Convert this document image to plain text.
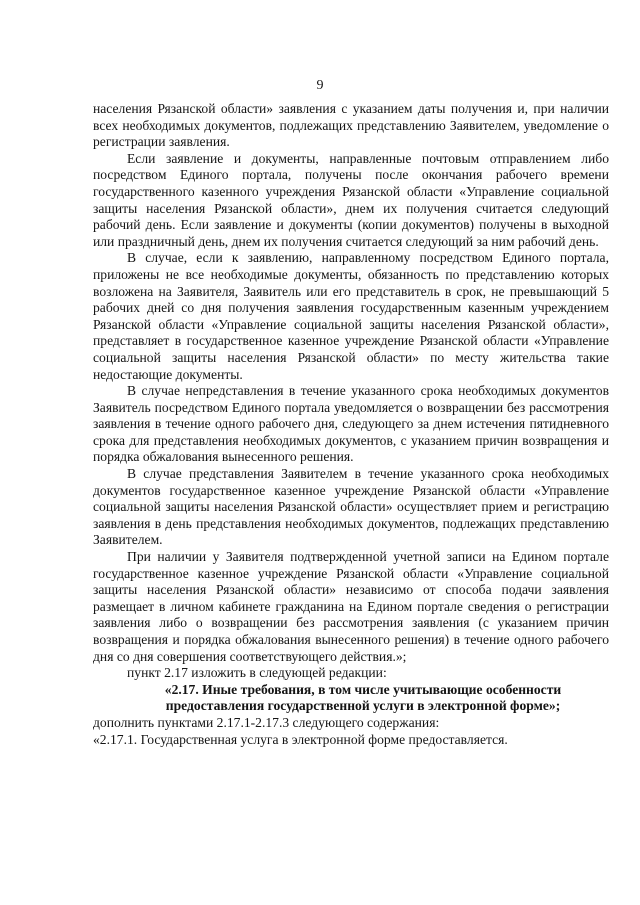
9

населения Рязанской области» заявления с указанием даты получения и, при наличии всех необходимых документов, подлежащих представлению Заявителем, уведомление о регистрации заявления.

Если заявление и документы, направленные почтовым отправлением либо посредством Единого портала, получены после окончания рабочего времени государственного казенного учреждения Рязанской области «Управление социальной защиты населения Рязанской области», днем их получения считается следующий рабочий день. Если заявление и документы (копии документов) получены в выходной или праздничный день, днем их получения считается следующий за ним рабочий день.

В случае, если к заявлению, направленному посредством Единого портала, приложены не все необходимые документы, обязанность по представлению которых возложена на Заявителя, Заявитель или его представитель в срок, не превышающий 5 рабочих дней со дня получения заявления государственным казенным учреждением Рязанской области «Управление социальной защиты населения Рязанской области», представляет в государственное казенное учреждение Рязанской области «Управление социальной защиты населения Рязанской области» по месту жительства такие недостающие документы.

В случае непредставления в течение указанного срока необходимых документов Заявитель посредством Единого портала уведомляется о возвращении без рассмотрения заявления в течение одного рабочего дня, следующего за днем истечения пятидневного срока для представления необходимых документов, с указанием причин возвращения и порядка обжалования вынесенного решения.

В случае представления Заявителем в течение указанного срока необходимых документов государственное казенное учреждение Рязанской области «Управление социальной защиты населения Рязанской области» осуществляет прием и регистрацию заявления в день представления необходимых документов, подлежащих представлению Заявителем.

При наличии у Заявителя подтвержденной учетной записи на Едином портале государственное казенное учреждение Рязанской области «Управление социальной защиты населения Рязанской области» независимо от способа подачи заявления размещает в личном кабинете гражданина на Едином портале сведения о регистрации заявления либо о возвращении без рассмотрения заявления (с указанием причин возвращения и порядка обжалования вынесенного решения) в течение одного рабочего дня со дня совершения соответствующего действия.»;

пункт 2.17 изложить в следующей редакции:

«2.17. Иные требования, в том числе учитывающие особенности предоставления государственной услуги в электронной форме»;

дополнить пунктами 2.17.1-2.17.3 следующего содержания:

«2.17.1. Государственная услуга в электронной форме предоставляется.
